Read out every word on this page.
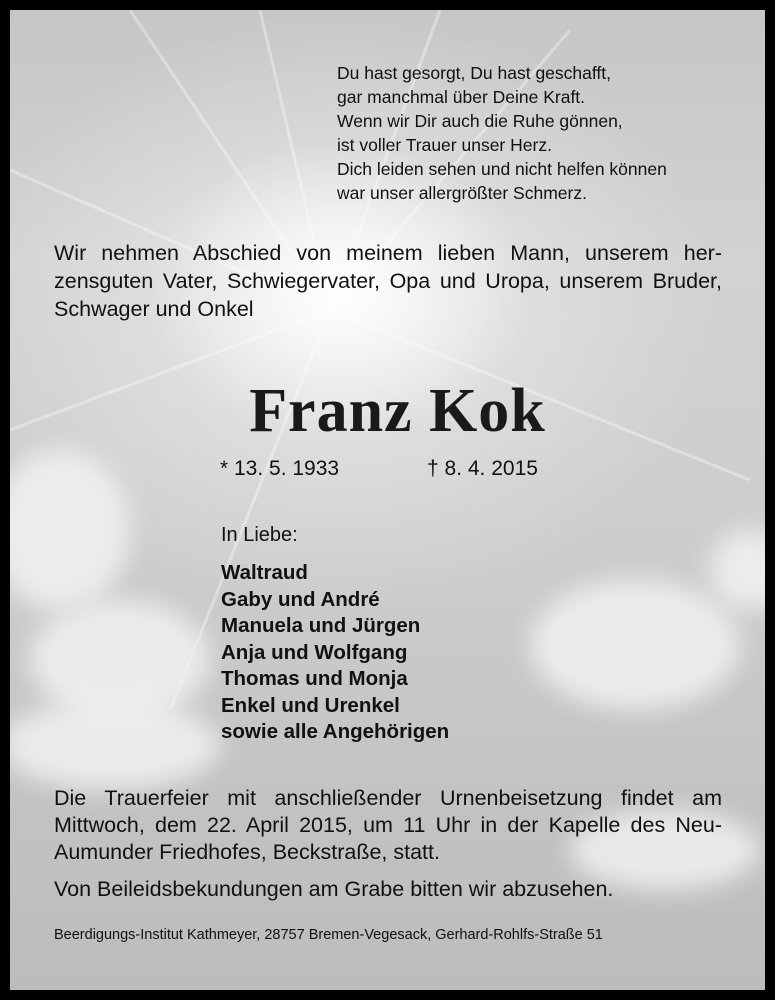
Du hast gesorgt, Du hast geschafft,
gar manchmal über Deine Kraft.
Wenn wir Dir auch die Ruhe gönnen,
ist voller Trauer unser Herz.
Dich leiden sehen und nicht helfen können
war unser allergrößter Schmerz.
Wir nehmen Abschied von meinem lieben Mann, unserem her-zensguten Vater, Schwiegervater, Opa und Uropa, unserem Bruder, Schwager und Onkel
Franz Kok
* 13. 5. 1933	† 8. 4. 2015
In Liebe:
Waltraud
Gaby und André
Manuela und Jürgen
Anja und Wolfgang
Thomas und Monja
Enkel und Urenkel
sowie alle Angehörigen
Die Trauerfeier mit anschließender Urnenbeisetzung findet am Mittwoch, dem 22. April 2015, um 11 Uhr in der Kapelle des Neu-Aumunder Friedhofes, Beckstraße, statt.
Von Beileidsbekundungen am Grabe bitten wir abzusehen.
Beerdigungs-Institut Kathmeyer, 28757 Bremen-Vegesack, Gerhard-Rohlfs-Straße 51
